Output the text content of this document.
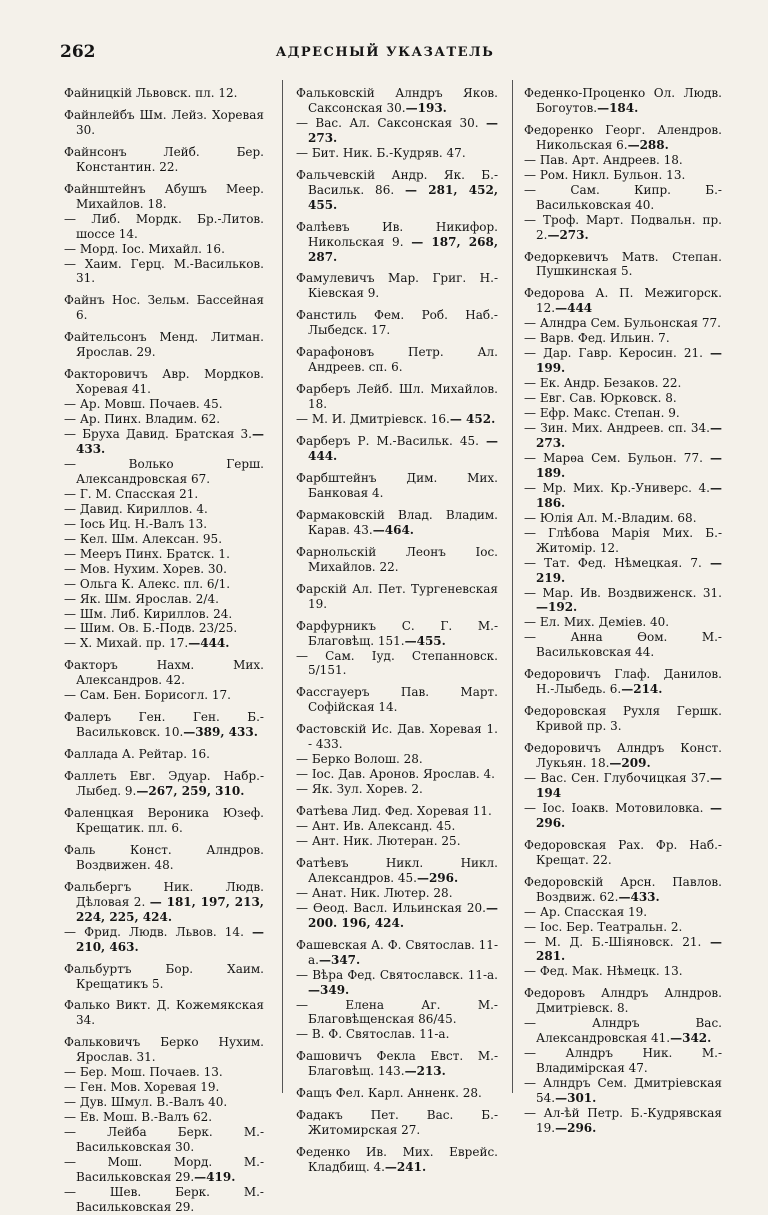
262	АДРЕСНЫЙ УКАЗАТЕЛЬ
Файницкій Львовск. пл. 12.
Файнлейбъ Шм. Лейз. Хоревая 30.
Файнсонъ Лейб. Бер. Константин. 22.
Файнштейнъ Абушъ Меер. Михайлов. 18.
— Либ. Мордк. Бр.-Литов. шоссе 14.
— Морд. Іос. Михайл. 16.
— Хаим. Герц. М.-Васильков. 31.
Файнъ Нос. Зельм. Бассейная 6.
Файтельсонъ Менд. Литман. Ярослав. 29.
Факторовичъ Авр. Мордков. Хоревая 41.
— Ар. Мовш. Почаев. 45.
— Ар. Пинх. Владим. 62.
— Бруха Давид. Братская 3.—433.
— Волько Герш. Александровская 67.
— Г. М. Спасская 21.
— Давид. Кириллов. 4.
— Іось Иц. Н.-Валъ 13.
— Кел. Шм. Алексан. 95.
— Мееръ Пинх. Братск. 1.
— Мов. Нухим. Хорев. 30.
— Ольга К. Алекс. пл. 6/1.
— Як. Шм. Ярослав. 2/4.
— Шм. Либ. Кириллов. 24.
— Шим. Ов. Б.-Подв. 23/25.
— Х. Михай. пр. 17.—444.
Факторъ Нахм. Мих. Александров. 42.
— Сам. Бен. Борисогл. 17.
Фалеръ Ген. Ген. Б.-Васильковск. 10.—389, 433.
Фаллада А. Рейтар. 16.
Фаллеть Евг. Эдуар. Набр.-Лыбед. 9.—267, 259, 310.
Фаленцкая Вероника Юзеф. Крещатик. пл. 6.
Фаль Конст. Алндров. Воздвижен. 48.
Фальбергъ Ник. Людв. Дѣловая 2. — 181, 197, 213, 224, 225, 424.
— Фрид. Людв. Львов. 14. —210, 463.
Фальбуртъ Бор. Хаим. Крещатикъ 5.
Фалько Викт. Д. Кожемякская 34.
Фальковичъ Берко Нухим. Ярослав. 31.
— Бер. Мош. Почаев. 13.
— Ген. Мов. Хоревая 19.
— Дув. Шмул. В.-Валъ 40.
— Ев. Мош. В.-Валъ 62.
— Лейба Берк. М.-Васильковская 30.
— Мош. Морд. М.-Васильковская 29.—419.
— Шев. Берк. М.-Васильковская 29.
Фальковскій Алндръ Яков. Саксонская 30.—193.
— Вас. Ал. Саксонская 30. —273.
— Бит. Ник. Б.-Кудряв. 47.
Фальчевскій Андр. Як. Б.-Васильк. 86. — 281, 452, 455.
Фалѣевъ Ив. Никифор. Никольская 9. — 187, 268, 287.
Фамулевичъ Мар. Григ. Н.-Кіевская 9.
Фанстиль Фем. Роб. Наб.-Лыбедск. 17.
Фарафоновъ Петр. Ал. Андреев. сп. 6.
Фарберъ Лейб. Шл. Михайлов. 18.
— М. И. Дмитріевск. 16.— 452.
Фарберъ Р. М.-Васильк. 45. —444.
Фарбштейнъ Дим. Мих. Банковая 4.
Фармаковскій Влад. Владим. Карав. 43.—464.
Фарнольскій Леонъ Іос. Михайлов. 22.
Фарскій Ал. Пет. Тургеневская 19.
Фарфурникъ С. Г. М.-Благовѣщ. 151.—455.
— Сам. Іуд. Степанновск. 5/151.
Фассгауеръ Пав. Март. Софійская 14.
Фастовскій Ис. Дав. Хоревая 1. - 433.
— Берко Волош. 28.
— Іос. Дав. Аронов. Ярослав. 4.
— Як. Зул. Хорев. 2.
Фатѣева Лид. Фед. Хоревая 11.
— Ант. Ив. Александ. 45.
— Ант. Ник. Лютеран. 25.
Фатѣевъ Никл. Никл. Александров. 45.—296.
— Анат. Ник. Лютер. 28.
— Ѳеод. Васл. Ильинская 20.—200. 196, 424.
Фашевская А. Ф. Святослав. 11-а.—347.
— Вѣра Фед. Святославск. 11-а.—349.
— Елена Аг. М.-Благовѣщенская 86/45.
— В. Ф. Святослав. 11-а.
Фашовичъ Фекла Евст. М.-Благовѣщ. 143.—213.
Фащъ Фел. Карл. Анненк. 28.
Фадакъ Пет. Вас. Б.-Житомирская 27.
Феденко Ив. Мих. Еврейс. Кладбищ. 4.—241.
Феденко-Проценко Ол. Людв. Богоутов.—184.
Федоренко Георг. Алендров. Никольская 6.—288.
— Пав. Арт. Андреев. 18.
— Ром. Никл. Бульон. 13.
— Сам. Кипр. Б.-Васильковская 40.
— Троф. Март. Подвальн. пр. 2.—273.
Федоркевичъ Матв. Степан. Пушкинская 5.
Федорова А. П. Межигорск. 12.—444
— Алндра Сем. Бульонская 77.
— Варв. Фед. Ильин. 7.
— Дар. Гавр. Керосин. 21. —199.
— Ек. Андр. Безаков. 22.
— Евг. Сав. Юрковск. 8.
— Ефр. Макс. Степан. 9.
— Зин. Мих. Андреев. сп. 34.—273.
— Марѳа Сем. Бульон. 77. —189.
— Мр. Мих. Кр.-Универс. 4.—186.
— Юлія Ал. М.-Владим. 68.
— Глѣбова Марія Мих. Б.-Житомір. 12.
— Тат. Фед. Нѣмецкая. 7. —219.
— Мар. Ив. Воздвиженск. 31.—192.
— Ел. Мих. Деміев. 40.
— Анна Ѳом. М.-Васильковская 44.
Федоровичъ Глаф. Данилов. Н.-Лыбедь. 6.—214.
Федоровская Рухля Гершк. Кривой пр. 3.
Федоровичъ Алндръ Конст. Лукьян. 18.—209.
— Вас. Сен. Глубочицкая 37.—194
— Іос. Іоакв. Мотовиловка. —296.
Федоровская Рах. Фр. Наб.-Крещат. 22.
Федоровскій Арсн. Павлов. Воздвиж. 62.—433.
— Ар. Спасская 19.
— Іос. Бер. Театральн. 2.
— М. Д. Б.-Шіяновск. 21. —281.
— Фед. Мак. Нѣмецк. 13.
Федоровъ Алндръ Алндров. Дмитріевск. 8.
— Алндръ Вас. Александровская 41.—342.
— Алндръ Ник. М.-Владимірская 47.
— Алндръ Сем. Дмитріевская 54.—301.
— Ал-ѣй Петр. Б.-Кудрявская 19.—296.
